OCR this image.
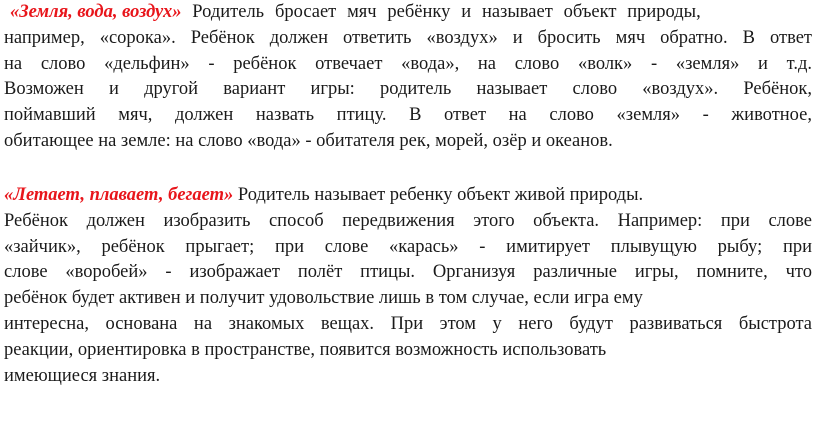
«Земля, вода, воздух» Родитель бросает мяч ребёнку и называет объект природы,
например, «сорока». Ребёнок должен ответить «воздух» и бросить мяч обратно. В ответ
на слово «дельфин» - ребёнок отвечает «вода», на слово «волк» - «земля» и т.д.
Возможен и другой вариант игры: родитель называет слово «воздух». Ребёнок,
поймавший мяч, должен назвать птицу. В ответ на слово «земля» - животное,
обитающее на земле: на слово «вода» - обитателя рек, морей, озёр и океанов.
«Летает, плавает, бегает» Родитель называет ребенку объект живой природы.
Ребёнок должен изобразить способ передвижения этого объекта. Например: при слове
«зайчик», ребёнок прыгает; при слове «карась» - имитирует плывущую рыбу; при
слове «воробей» - изображает полёт птицы. Организуя различные игры, помните, что
ребёнок будет активен и получит удовольствие лишь в том случае, если игра ему
интересна, основана на знакомых вещах. При этом у него будут развиваться быстрота
реакции, ориентировка в пространстве, появится возможность использовать
имеющиеся знания.
